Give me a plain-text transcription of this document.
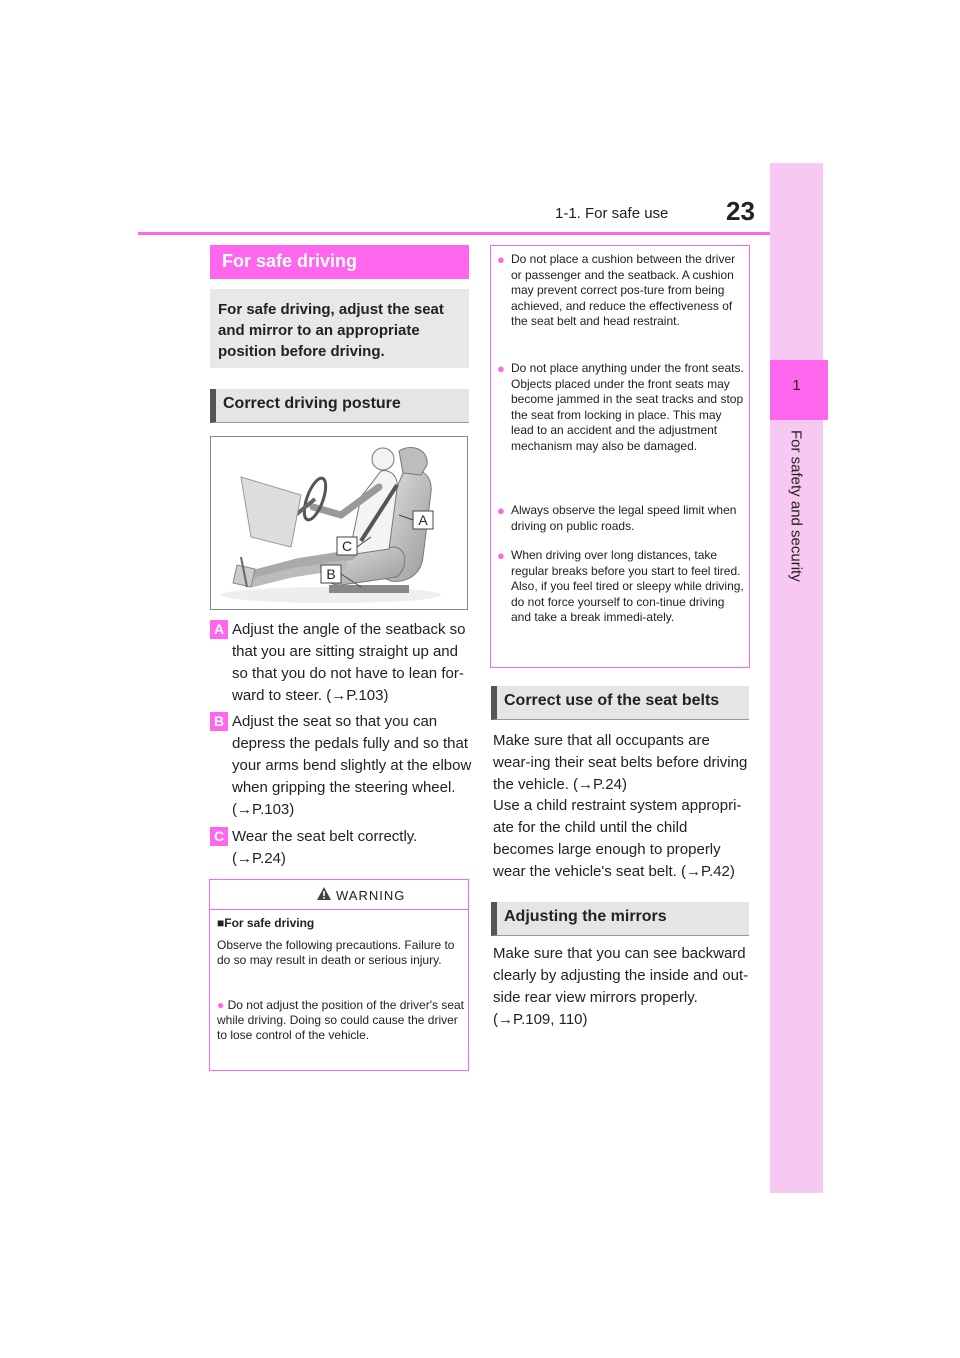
1
For safety and security
1-1. For safe use 23
For safe driving
For safe driving, adjust the seat and mirror to an appropriate position before driving.
Correct driving posture
A
C
B
A Adjust the angle of the seatback so that you are sitting straight up and so that you do not have to lean for-ward to steer. (→P.103)
B Adjust the seat so that you can depress the pedals fully and so that your arms bend slightly at the elbow when gripping the steering wheel. (→P.103)
C Wear the seat belt correctly. (→P.24)
WARNING
■For safe driving
Observe the following precautions. Failure to do so may result in death or serious injury.
● Do not adjust the position of the driver's seat while driving. Doing so could cause the driver to lose control of the vehicle.
● Do not place a cushion between the driver or passenger and the seatback. A cushion may prevent correct pos-ture from being achieved, and reduce the effectiveness of the seat belt and head restraint.
● Do not place anything under the front seats. Objects placed under the front seats may become jammed in the seat tracks and stop the seat from locking in place. This may lead to an accident and the adjustment mechanism may also be damaged.
● Always observe the legal speed limit when driving on public roads.
● When driving over long distances, take regular breaks before you start to feel tired. Also, if you feel tired or sleepy while driving, do not force yourself to con-tinue driving and take a break immedi-ately.
Correct use of the seat belts
Make sure that all occupants are wear-ing their seat belts before driving the vehicle. (→P.24)
Use a child restraint system appropri-ate for the child until the child becomes large enough to properly wear the vehicle's seat belt. (→P.42)
Adjusting the mirrors
Make sure that you can see backward clearly by adjusting the inside and out-side rear view mirrors properly. (→P.109, 110)
